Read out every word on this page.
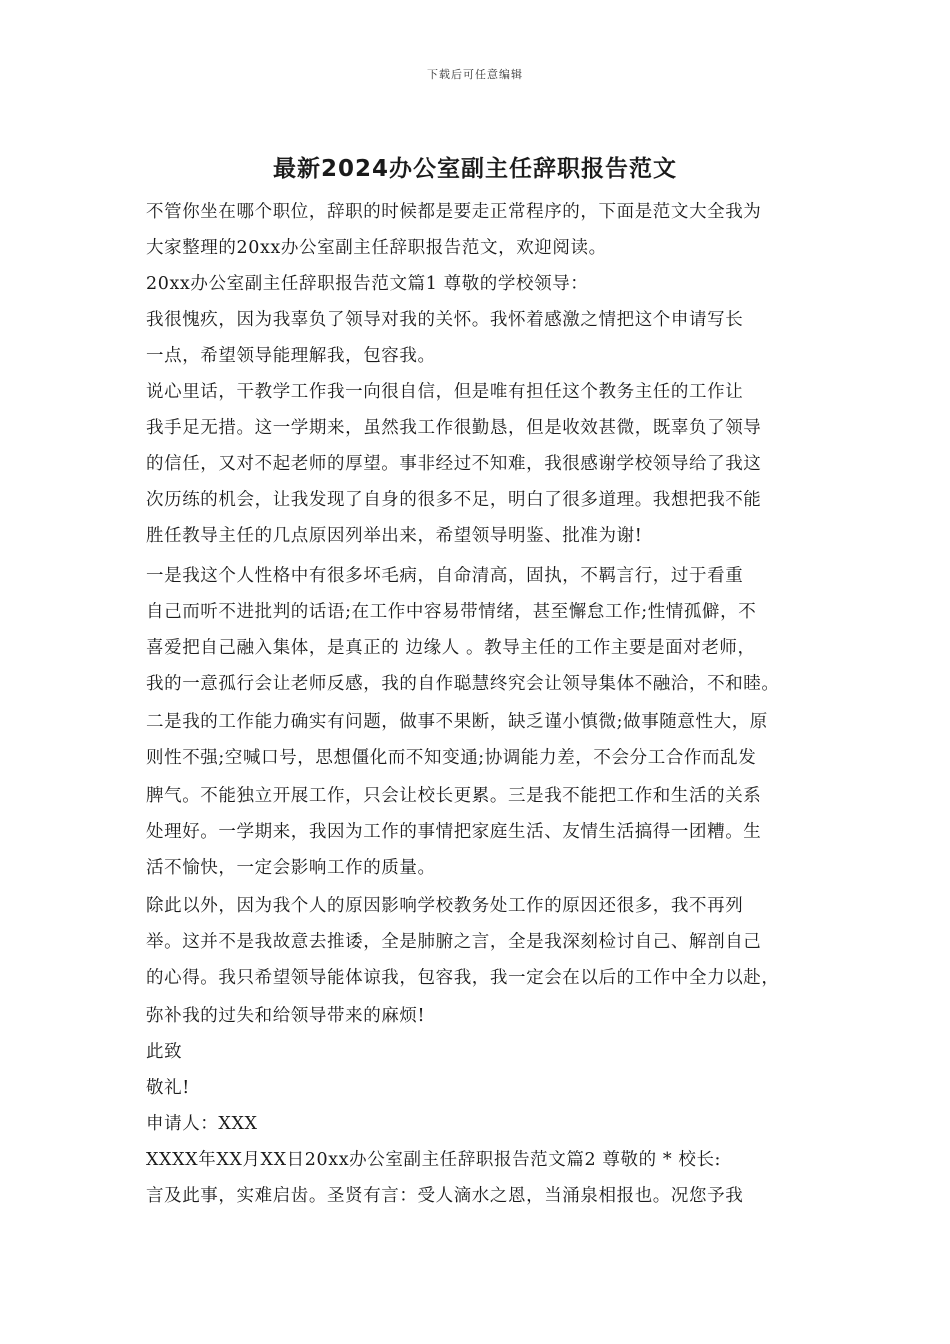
下载后可任意编辑
最新2024办公室副主任辞职报告范文
不管你坐在哪个职位，辞职的时候都是要走正常程序的，下面是范文大全我为
大家整理的20xx办公室副主任辞职报告范文，欢迎阅读。
20xx办公室副主任辞职报告范文篇1 尊敬的学校领导：
我很愧疚，因为我辜负了领导对我的关怀。我怀着感激之情把这个申请写长
一点，希望领导能理解我，包容我。
说心里话，干教学工作我一向很自信，但是唯有担任这个教务主任的工作让
我手足无措。这一学期来，虽然我工作很勤恳，但是收效甚微，既辜负了领导
的信任，又对不起老师的厚望。事非经过不知难，我很感谢学校领导给了我这
次历练的机会，让我发现了自身的很多不足，明白了很多道理。我想把我不能
胜任教导主任的几点原因列举出来，希望领导明鉴、批准为谢!
一是我这个人性格中有很多坏毛病，自命清高，固执，不羁言行，过于看重
自己而听不进批判的话语;在工作中容易带情绪，甚至懈怠工作;性情孤僻，不
喜爱把自己融入集体，是真正的 边缘人 。教导主任的工作主要是面对老师，
我的一意孤行会让老师反感，我的自作聪慧终究会让领导集体不融洽，不和睦。
二是我的工作能力确实有问题，做事不果断，缺乏谨小慎微;做事随意性大，原
则性不强;空喊口号，思想僵化而不知变通;协调能力差，不会分工合作而乱发
脾气。不能独立开展工作，只会让校长更累。三是我不能把工作和生活的关系
处理好。一学期来，我因为工作的事情把家庭生活、友情生活搞得一团糟。生
活不愉快，一定会影响工作的质量。
除此以外，因为我个人的原因影响学校教务处工作的原因还很多，我不再列
举。这并不是我故意去推诿，全是肺腑之言，全是我深刻检讨自己、解剖自己
的心得。我只希望领导能体谅我，包容我，我一定会在以后的工作中全力以赴，
弥补我的过失和给领导带来的麻烦!
此致
敬礼!
申请人：XXX
XXXX年XX月XX日20xx办公室副主任辞职报告范文篇2 尊敬的 * 校长:
言及此事，实难启齿。圣贤有言：受人滴水之恩，当涌泉相报也。况您予我
